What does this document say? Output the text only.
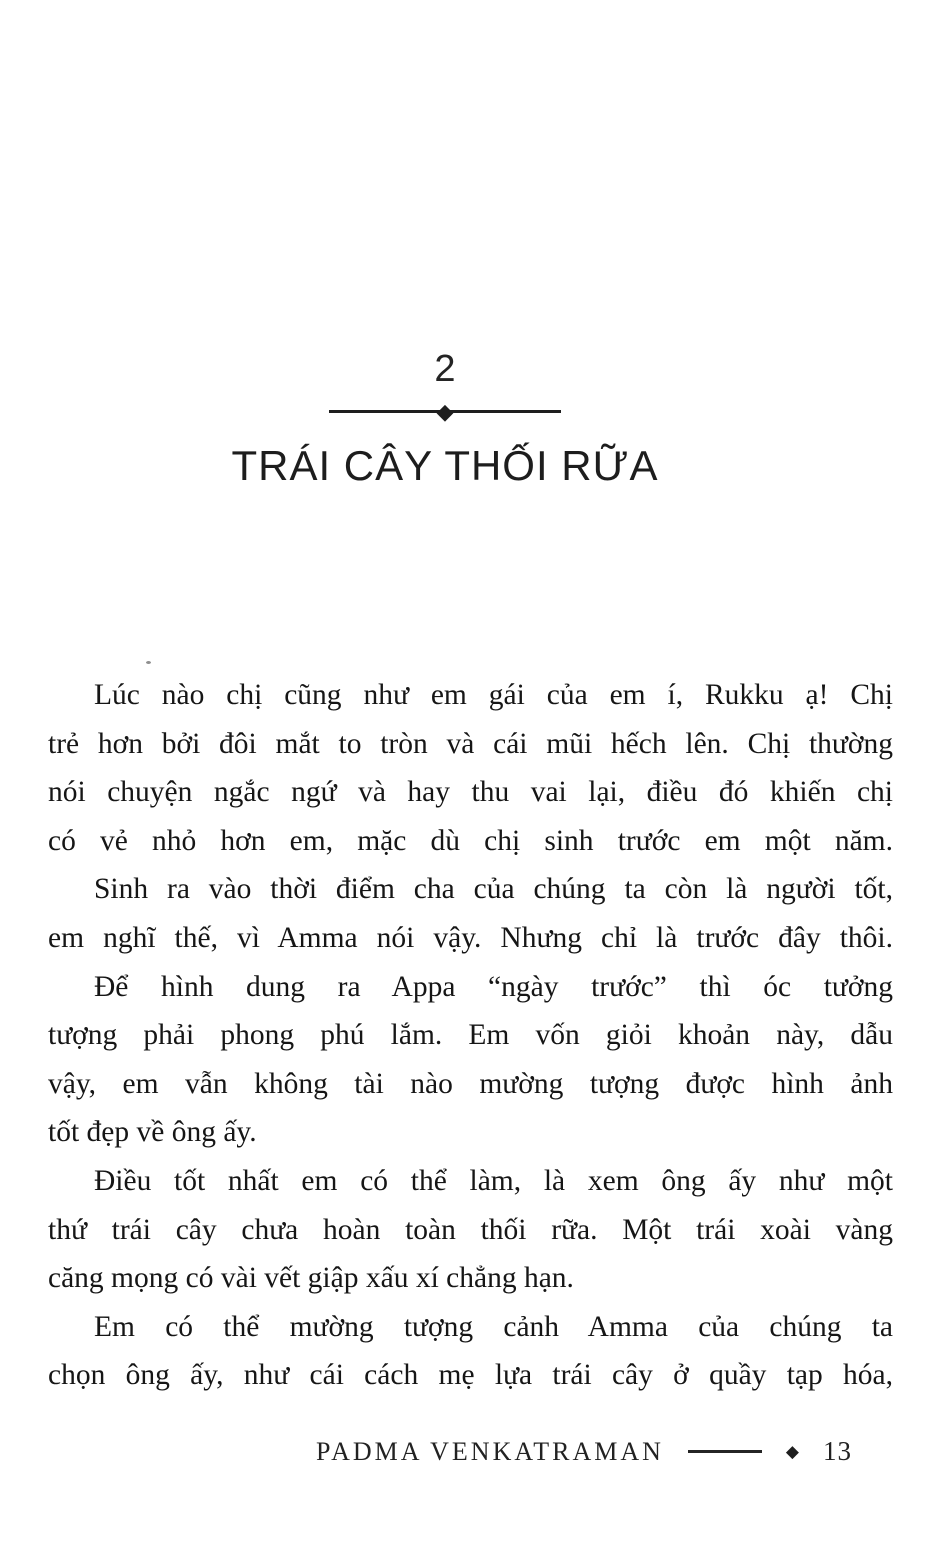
2
◆
TRÁI CÂY THỐI RỮA
Lúc nào chị cũng như em gái của em í, Rukku ạ! Chị
trẻ hơn bởi đôi mắt to tròn và cái mũi hếch lên. Chị thường
nói chuyện ngắc ngứ và hay thu vai lại, điều đó khiến chị
có vẻ nhỏ hơn em, mặc dù chị sinh trước em một năm.
Sinh ra vào thời điểm cha của chúng ta còn là người tốt,
em nghĩ thế, vì Amma nói vậy. Nhưng chỉ là trước đây thôi.
Để hình dung ra Appa “ngày trước” thì óc tưởng
tượng phải phong phú lắm. Em vốn giỏi khoản này, dẫu
vậy, em vẫn không tài nào mường tượng được hình ảnh
tốt đẹp về ông ấy.
Điều tốt nhất em có thể làm, là xem ông ấy như một
thứ trái cây chưa hoàn toàn thối rữa. Một trái xoài vàng
căng mọng có vài vết giập xấu xí chẳng hạn.
Em có thể mường tượng cảnh Amma của chúng ta
chọn ông ấy, như cái cách mẹ lựa trái cây ở quầy tạp hóa,
PADMA VENKATRAMAN	◆ 13
